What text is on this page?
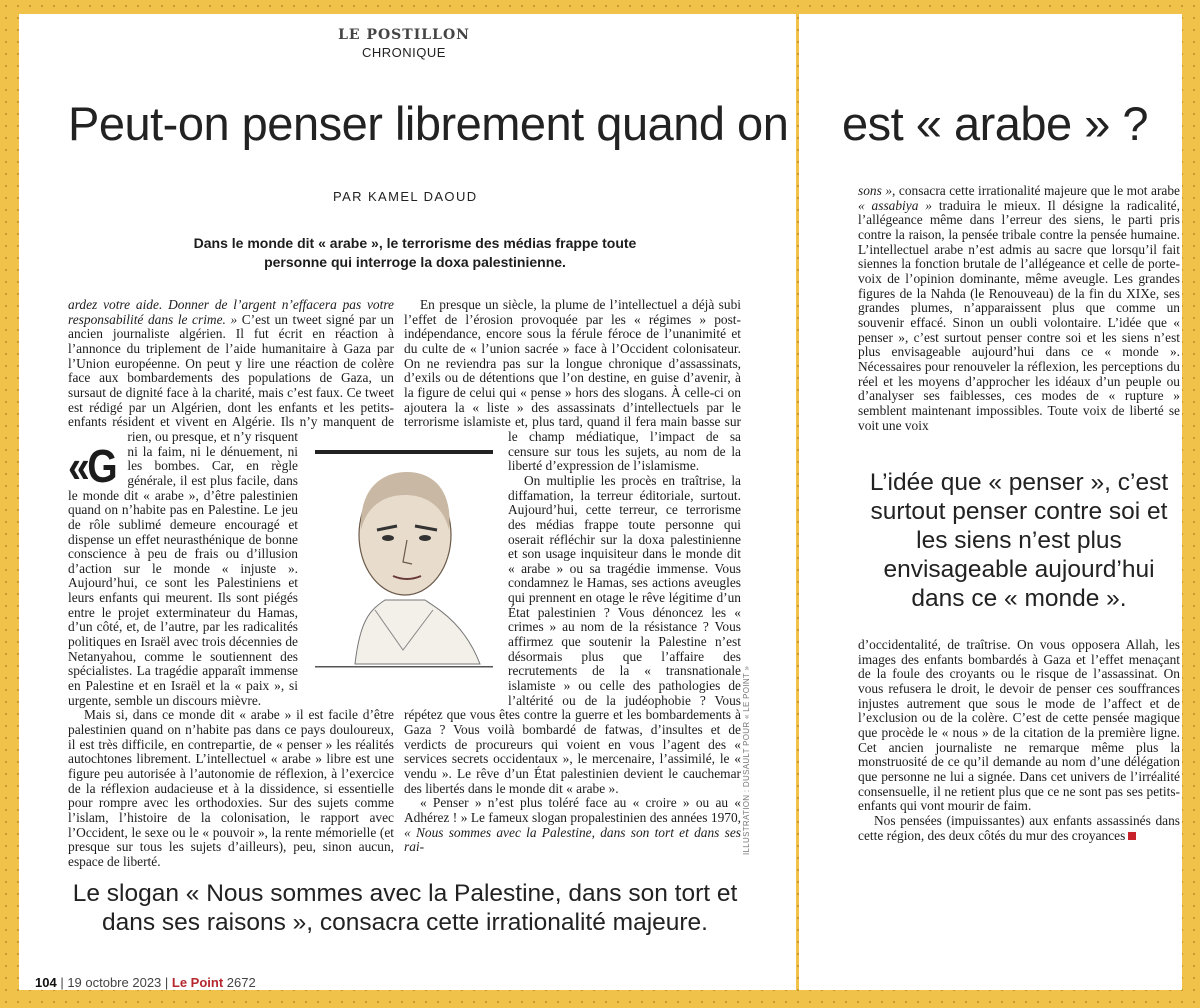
LE POSTILLON
CHRONIQUE
Peut-on penser librement quand on est « arabe » ?
PAR KAMEL DAOUD
Dans le monde dit « arabe », le terrorisme des médias frappe toute personne qui interroge la doxa palestinienne.

«G
ardez votre aide. Donner de l’argent n’effacera pas votre responsabilité dans le crime. » C’est un tweet signé par un ancien journaliste algérien. Il fut écrit en réaction à l’annonce du triplement de l’aide humanitaire à Gaza par l’Union européenne. On peut y lire une réaction de colère face aux bombardements des populations de Gaza, un sursaut de dignité face à la charité, mais c’est faux. Ce tweet est rédigé par un Algérien, dont les enfants et les petits-enfants résident et vivent en Algérie. Ils n’y manquent de rien, ou presque, et n’y risquent ni la faim, ni le dénuement, ni les bombes. Car, en règle générale, il est plus facile, dans le monde dit « arabe », d’être palestinien quand on n’habite pas en Palestine. Le jeu de rôle sublimé demeure encouragé et dispense un effet neurasthénique de bonne conscience à peu de frais ou d’illusion d’action sur le monde « injuste ». Aujourd’hui, ce sont les Palestiniens et leurs enfants qui meurent. Ils sont piégés entre le projet exterminateur du Hamas, d’un côté, et, de l’autre, par les radicalités politiques en Israël avec trois décennies de Netanyahou, comme le soutiennent des spécialistes. La tragédie apparaît immense en Palestine et en Israël et la « paix », si urgente, semble un discours mièvre.

Mais si, dans ce monde dit « arabe » il est facile d’être palestinien quand on n’habite pas dans ce pays douloureux, il est très difficile, en contrepartie, de « penser » les réalités autochtones librement. L’intellectuel « arabe » libre est une figure peu autorisée à l’autonomie de réflexion, à l’exercice de la réflexion audacieuse et à la dissidence, si essentielle pour rompre avec les orthodoxies. Sur des sujets comme l’islam, l’histoire de la colonisation, le rapport avec l’Occident, le sexe ou le « pouvoir », la rente mémorielle (et presque sur tous les sujets d’ailleurs), peu, sinon aucun, espace de liberté.

En presque un siècle, la plume de l’intellectuel a déjà subi l’effet de l’érosion provoquée par les « régimes » post-indépendance, encore sous la férule féroce de l’unanimité et du culte de « l’union sacrée » face à l’Occident colonisateur. On ne reviendra pas sur la longue chronique d’assassinats, d’exils ou de détentions que l’on destine, en guise d’avenir, à la figure de celui qui « pense » hors des slogans. À celle-ci on ajoutera la « liste » des assassinats d’intellectuels par le terrorisme islamiste et, plus tard, quand il fera main basse sur le champ médiatique, l’impact de sa censure sur tous les sujets, au nom de la liberté d’expression de l’islamisme.

On multiplie les procès en traîtrise, la diffamation, la terreur éditoriale, surtout. Aujourd’hui, cette terreur, ce terrorisme des médias frappe toute personne qui oserait réfléchir sur la doxa palestinienne et son usage inquisiteur dans le monde dit « arabe » ou sa tragédie immense. Vous condamnez le Hamas, ses actions aveugles qui prennent en otage le rêve légitime d’un État palestinien ? Vous dénoncez les « crimes » au nom de la résistance ? Vous affirmez que soutenir la Palestine n’est désormais plus que l’affaire des recrutements de la « transnationale islamiste » ou celle des pathologies de l’altérité ou de la judéophobie ? Vous répétez que vous êtes contre la guerre et les bombardements à Gaza ? Vous voilà bombardé de fatwas, d’insultes et de verdicts de procureurs qui voient en vous l’agent des « services secrets occidentaux », le mercenaire, l’assimilé, le « vendu ». Le rêve d’un État palestinien devient le cauchemar des libertés dans le monde dit « arabe ».

« Penser » n’est plus toléré face au « croire » ou au « Adhérez ! » Le fameux slogan propalestinien des années 1970, « Nous sommes avec la Palestine, dans son tort et dans ses rai-	ILLUSTRATION : DUSAULT POUR « LE POINT »

sons », consacra cette irrationalité majeure que le mot arabe « assabiya » traduira le mieux. Il désigne la radicalité, l’allégeance même dans l’erreur des siens, le parti pris contre la raison, la pensée tribale contre la pensée humaine. L’intellectuel arabe n’est admis au sacre que lorsqu’il fait siennes la fonction brutale de l’allégeance et celle de porte-voix de l’opinion dominante, même aveugle. Les grandes figures de la Nahda (le Renouveau) de la fin du XIXe, ses grandes plumes, n’apparaissent plus que comme un souvenir effacé. Sinon un oubli volontaire. L’idée que « penser », c’est surtout penser contre soi et les siens n’est plus envisageable aujourd’hui dans ce « monde ». Nécessaires pour renouveler la réflexion, les perceptions du réel et les moyens d’approcher les idéaux d’un peuple ou d’analyser ses faiblesses, ces modes de « rupture » semblent maintenant impossibles. Toute voix de liberté se voit une voix

L’idée que « penser », c’est surtout penser contre soi et les siens n’est plus envisageable aujourd’hui dans ce « monde ».

d’occidentalité, de traîtrise. On vous opposera Allah, les images des enfants bombardés à Gaza et l’effet menaçant de la foule des croyants ou le risque de l’assassinat. On vous refusera le droit, le devoir de penser ces souffrances injustes autrement que sous le mode de l’affect et de l’exclusion ou de la colère. C’est de cette pensée magique que procède le « nous » de la citation de la première ligne. Cet ancien journaliste ne remarque même plus la monstruosité de ce qu’il demande au nom d’une délégation que personne ne lui a signée. Dans cet univers de l’irréalité consensuelle, il ne retient plus que ce ne sont pas ses petits-enfants qui vont mourir de faim.

Nos pensées (impuissantes) aux enfants assassinés dans cette région, des deux côtés du mur des croyances

Le slogan « Nous sommes avec la Palestine, dans son tort et dans ses raisons », consacra cette irrationalité majeure.
104 | 19 octobre 2023 | Le Point 2672
